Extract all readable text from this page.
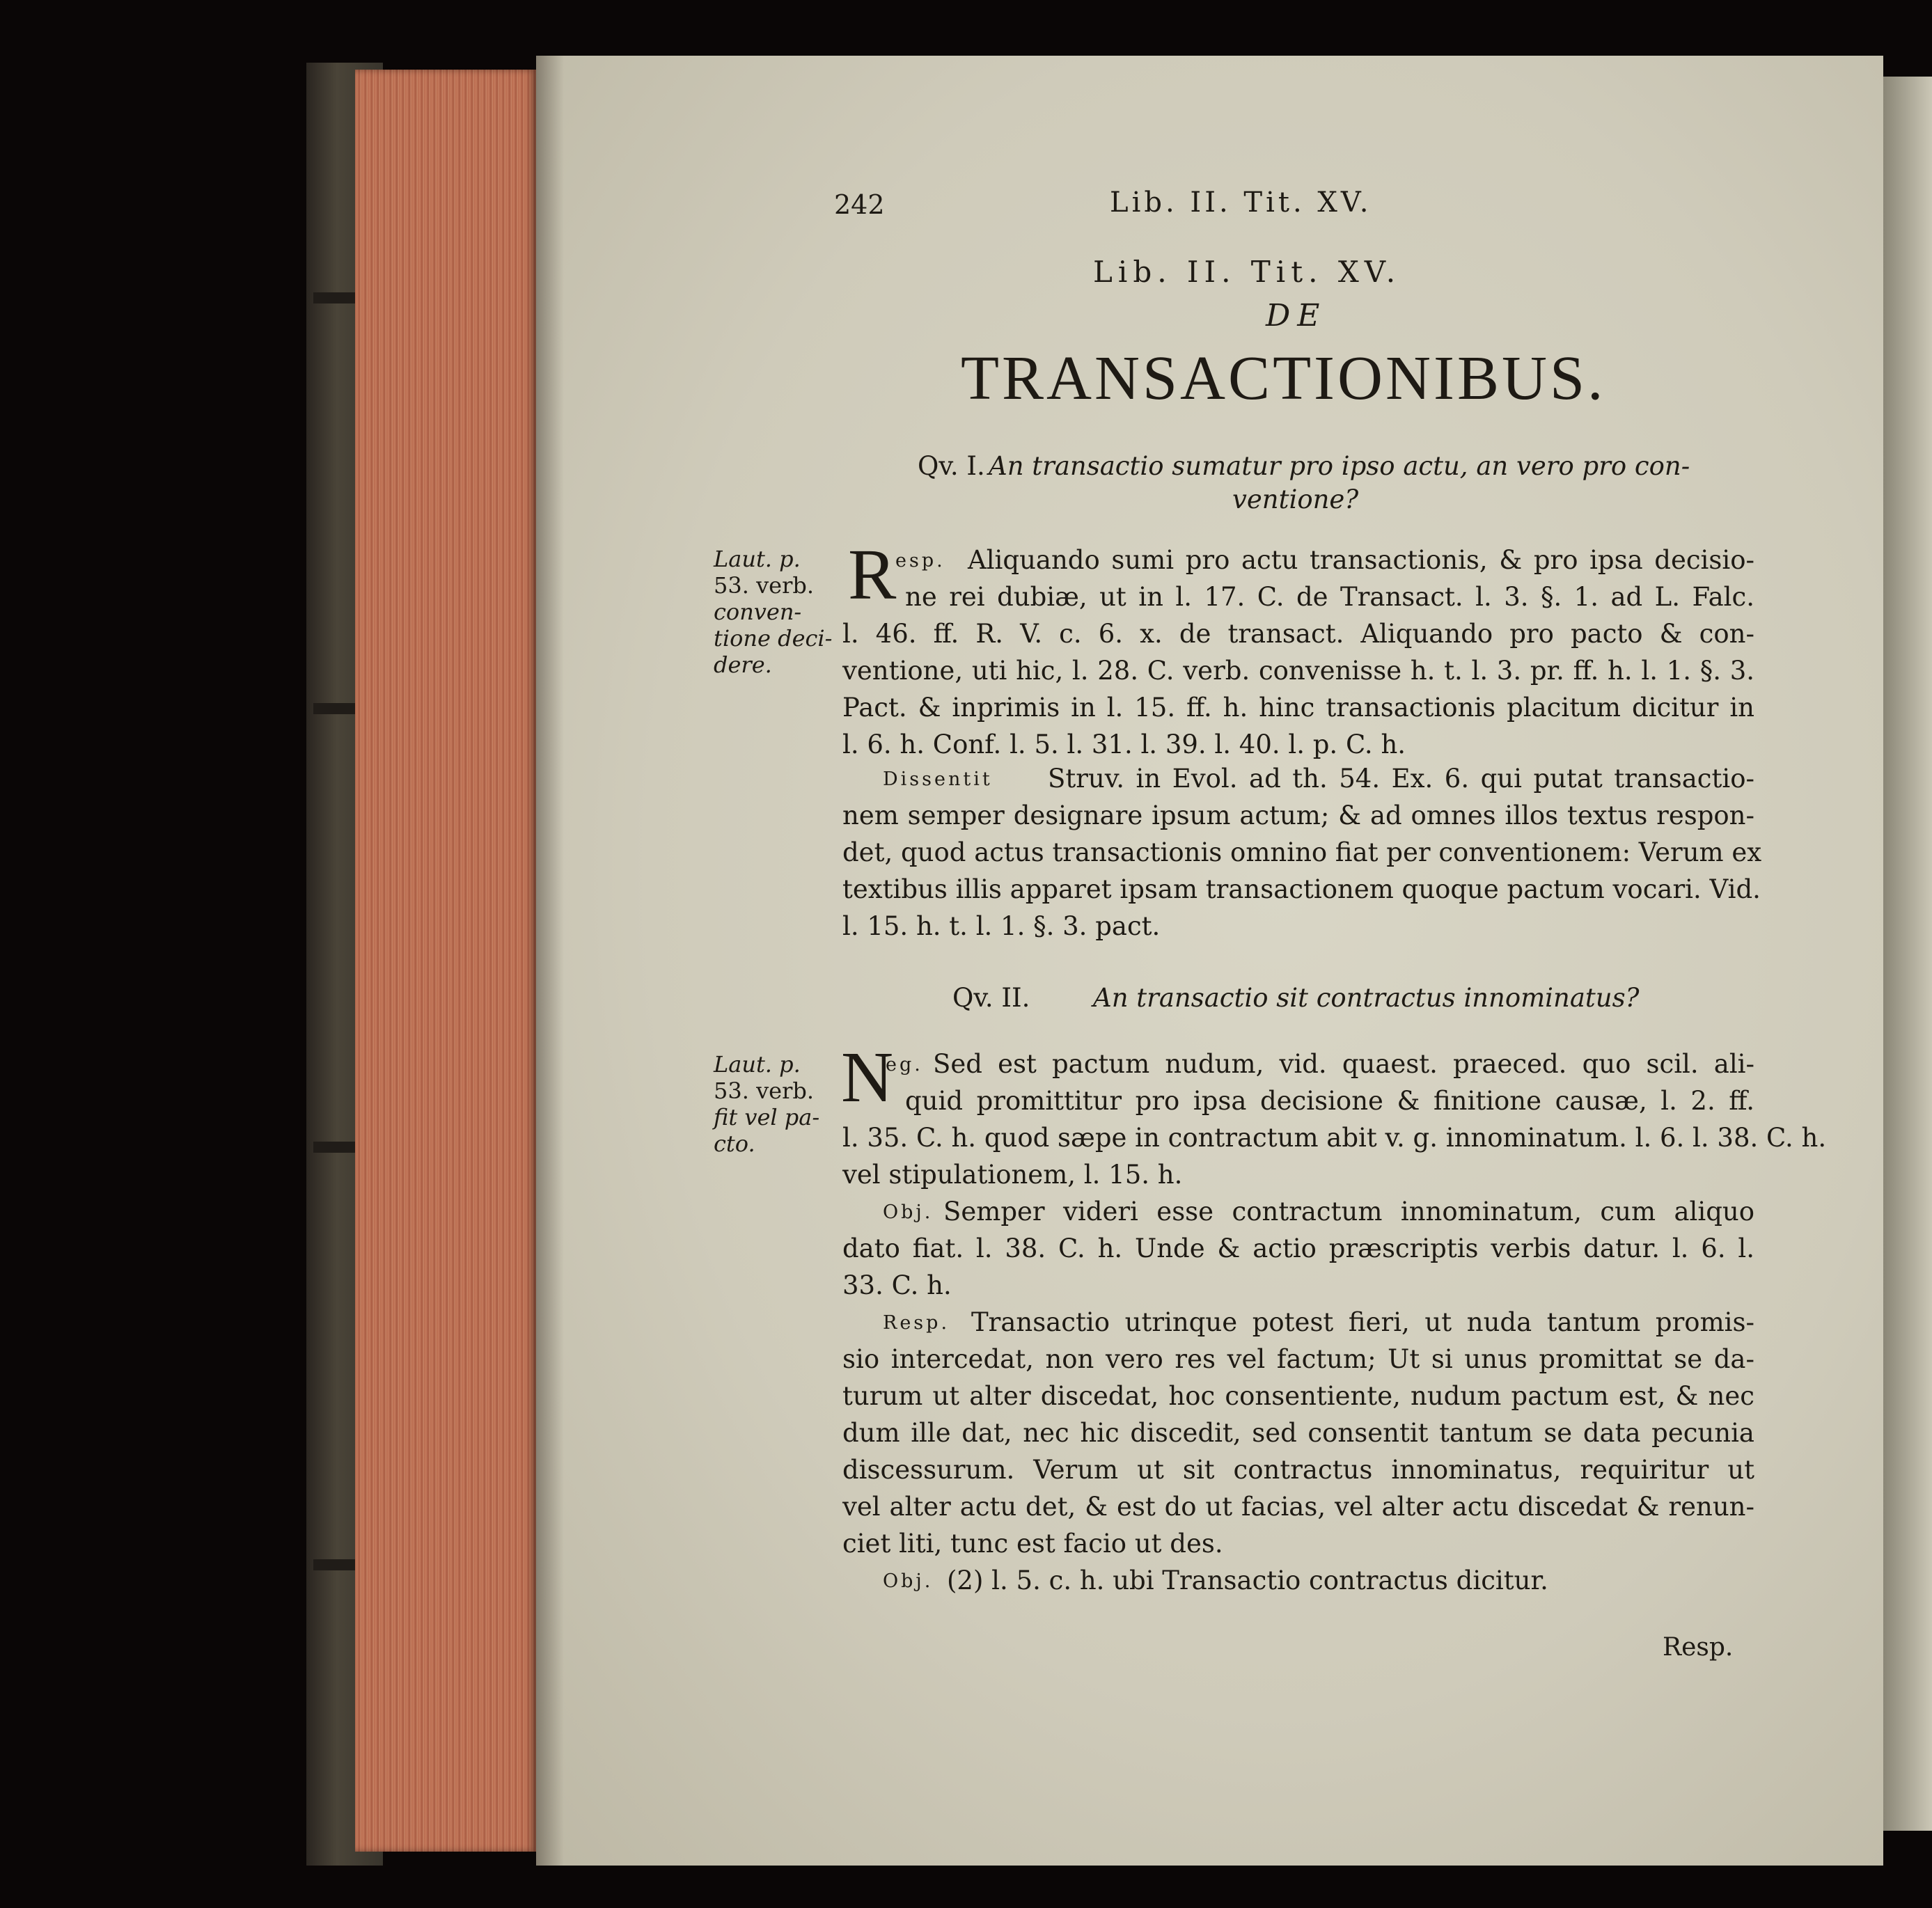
242	Lib. II. Tit. XV.
Lib. II. Tit. XV.
DE
TRANSACTIONIBUS.
Qv. I. An transactio sumatur pro ipso actu, an vero pro con-
ventione?
Laut. p.
53. verb.
conven-
tione deci-
dere.
R
esp. Aliquando sumi pro actu transactionis, & pro ipsa decisio-
ne rei dubiæ, ut in l. 17. C. de Transact. l. 3. §. 1. ad L. Falc.
l. 46. ff. R. V. c. 6. x. de transact. Aliquando pro pacto & con-
ventione, uti hic, l. 28. C. verb. convenisse h. t. l. 3. pr. ff. h. l. 1. §. 3.
Pact. & inprimis in l. 15. ff. h. hinc transactionis placitum dicitur in
l. 6. h. Conf. l. 5. l. 31. l. 39. l. 40. l. p. C. h.
Dissentit Struv. in Evol. ad th. 54. Ex. 6. qui putat transactio-
nem semper designare ipsum actum; & ad omnes illos textus respon-
det, quod actus transactionis omnino fiat per conventionem: Verum ex
textibus illis apparet ipsam transactionem quoque pactum vocari. Vid.
l. 15. h. t. l. 1. §. 3. pact.
Qv. II. An transactio sit contractus innominatus?
Laut. p.
53. verb.
fit vel pa-
cto.
N
eg. Sed est pactum nudum, vid. quaest. praeced. quo scil. ali-
quid promittitur pro ipsa decisione & finitione causæ, l. 2. ff.
l. 35. C. h. quod sæpe in contractum abit v. g. innominatum. l. 6. l. 38. C. h.
vel stipulationem, l. 15. h.
Obj. Semper videri esse contractum innominatum, cum aliquo
dato fiat. l. 38. C. h. Unde & actio præscriptis verbis datur. l. 6. l.
33. C. h.
Resp. Transactio utrinque potest fieri, ut nuda tantum promis-
sio intercedat, non vero res vel factum; Ut si unus promittat se da-
turum ut alter discedat, hoc consentiente, nudum pactum est, & nec
dum ille dat, nec hic discedit, sed consentit tantum se data pecunia
discessurum. Verum ut sit contractus innominatus, requiritur ut
vel alter actu det, & est do ut facias, vel alter actu discedat & renun-
ciet liti, tunc est facio ut des.
Obj. (2) l. 5. c. h. ubi Transactio contractus dicitur.
Resp.
